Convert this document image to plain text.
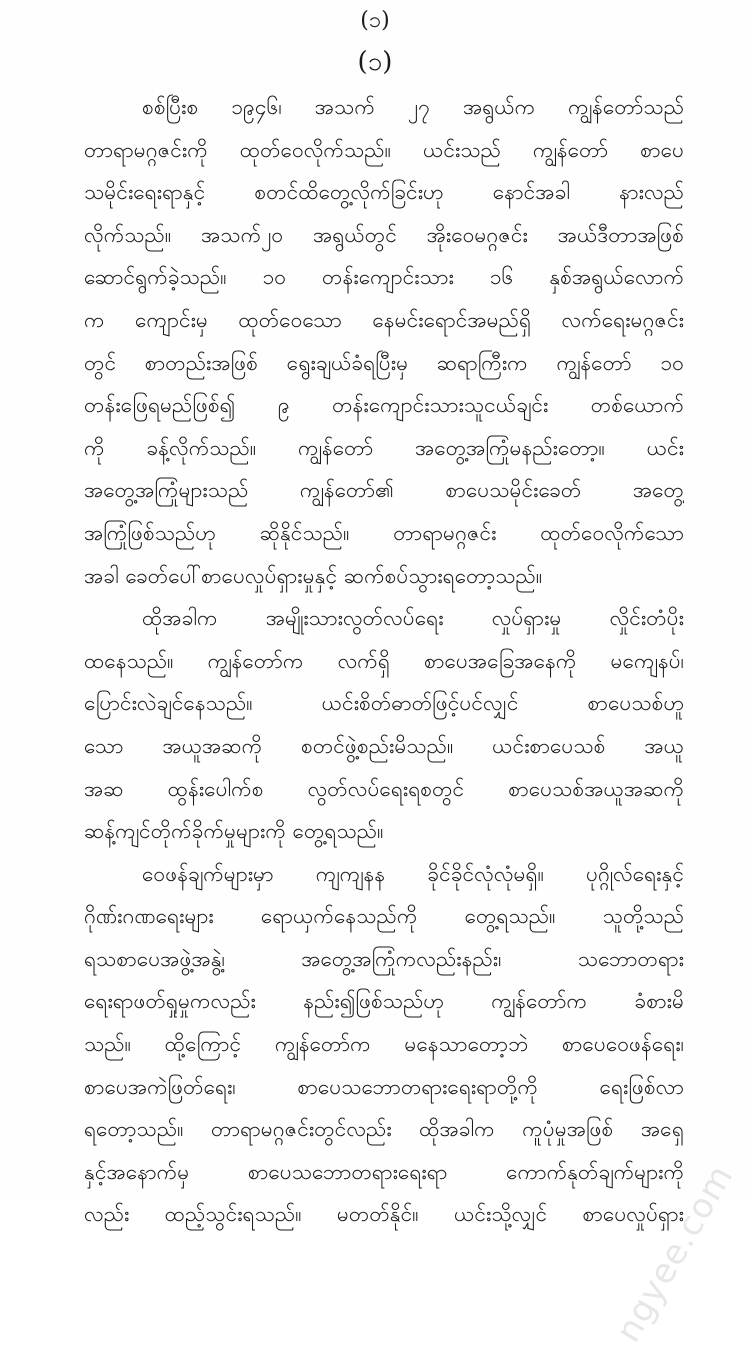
(၁)
(၁)
စစ်ပြီးစ ၁၉၄၆၊ အသက် ၂၇ အရွယ်က ကျွန်တော်သည်
တာရာမဂ္ဂဇင်းကို ထုတ်ဝေလိုက်သည်။ ယင်းသည် ကျွန်တော် စာပေ
သမိုင်းရေးရာနှင့် စတင်ထိတွေ့လိုက်ခြင်းဟု နောင်အခါ နားလည်
လိုက်သည်။ အသက်၂၀ အရွယ်တွင် အိုးဝေမဂ္ဂဇင်း အယ်ဒီတာအဖြစ်
ဆောင်ရွက်ခဲ့သည်။ ၁၀ တန်းကျောင်းသား ၁၆ နှစ်အရွယ်လောက်
က ကျောင်းမှ ထုတ်ဝေသော နေမင်းရောင်အမည်ရှိ လက်ရေးမဂ္ဂဇင်း
တွင် စာတည်းအဖြစ် ရွေးချယ်ခံရပြီးမှ ဆရာကြီးက ကျွန်တော် ၁၀
တန်းဖြေရမည်ဖြစ်၍ ၉ တန်းကျောင်းသားသူငယ်ချင်း တစ်ယောက်
ကို ခန့်လိုက်သည်။ ကျွန်တော် အတွေ့အကြုံမနည်းတော့။ ယင်း
အတွေ့အကြုံများသည် ကျွန်တော်၏ စာပေသမိုင်းခေတ် အတွေ့
အကြုံဖြစ်သည်ဟု ဆိုနိုင်သည်။ တာရာမဂ္ဂဇင်း ထုတ်ဝေလိုက်သော
အခါ ခေတ်ပေါ်စာပေလှုပ်ရှားမှုနှင့် ဆက်စပ်သွားရတော့သည်။
ထိုအခါက အမျိုးသားလွတ်လပ်ရေး လှုပ်ရှားမှု လှိုင်းတံပိုး
ထနေသည်။ ကျွန်တော်က လက်ရှိ စာပေအခြေအနေကို မကျေနပ်၊
ပြောင်းလဲချင်နေသည်။ ယင်းစိတ်ဓာတ်ဖြင့်ပင်လျှင် စာပေသစ်ဟူ
သော အယူအဆကို စတင်ဖွဲ့စည်းမိသည်။ ယင်းစာပေသစ် အယူ
အဆ ထွန်းပေါက်စ လွတ်လပ်ရေးရစတွင် စာပေသစ်အယူအဆကို
ဆန့်ကျင်တိုက်ခိုက်မှုများကို တွေ့ရသည်။
ဝေဖန်ချက်များမှာ ကျကျနန ခိုင်ခိုင်လုံလုံမရှိ။ ပုဂ္ဂိုလ်ရေးနှင့်
ဂိုဏ်းဂဏရေးများ ရောယှက်နေသည်ကို တွေ့ရသည်။ သူတို့သည်
ရသစာပေအဖွဲ့အနွဲ့၊ အတွေ့အကြုံကလည်းနည်း၊ သဘောတရား
ရေးရာဖတ်ရှုမှုကလည်း နည်း၍ဖြစ်သည်ဟု ကျွန်တော်က ခံစားမိ
သည်။ ထို့ကြောင့် ကျွန်တော်က မနေသာတော့ဘဲ စာပေဝေဖန်ရေး၊
စာပေအကဲဖြတ်ရေး၊ စာပေသဘောတရားရေးရာတို့ကို ရေးဖြစ်လာ
ရတော့သည်။ တာရာမဂ္ဂဇင်းတွင်လည်း ထိုအခါက ကူပုံမှုအဖြစ် အရှေ့
နှင့်အနောက်မှ စာပေသဘောတရားရေးရာ ကောက်နုတ်ချက်များကို
လည်း ထည့်သွင်းရသည်။ မတတ်နိုင်။ ယင်းသို့လျှင် စာပေလှုပ်ရှား
ngyee.com
